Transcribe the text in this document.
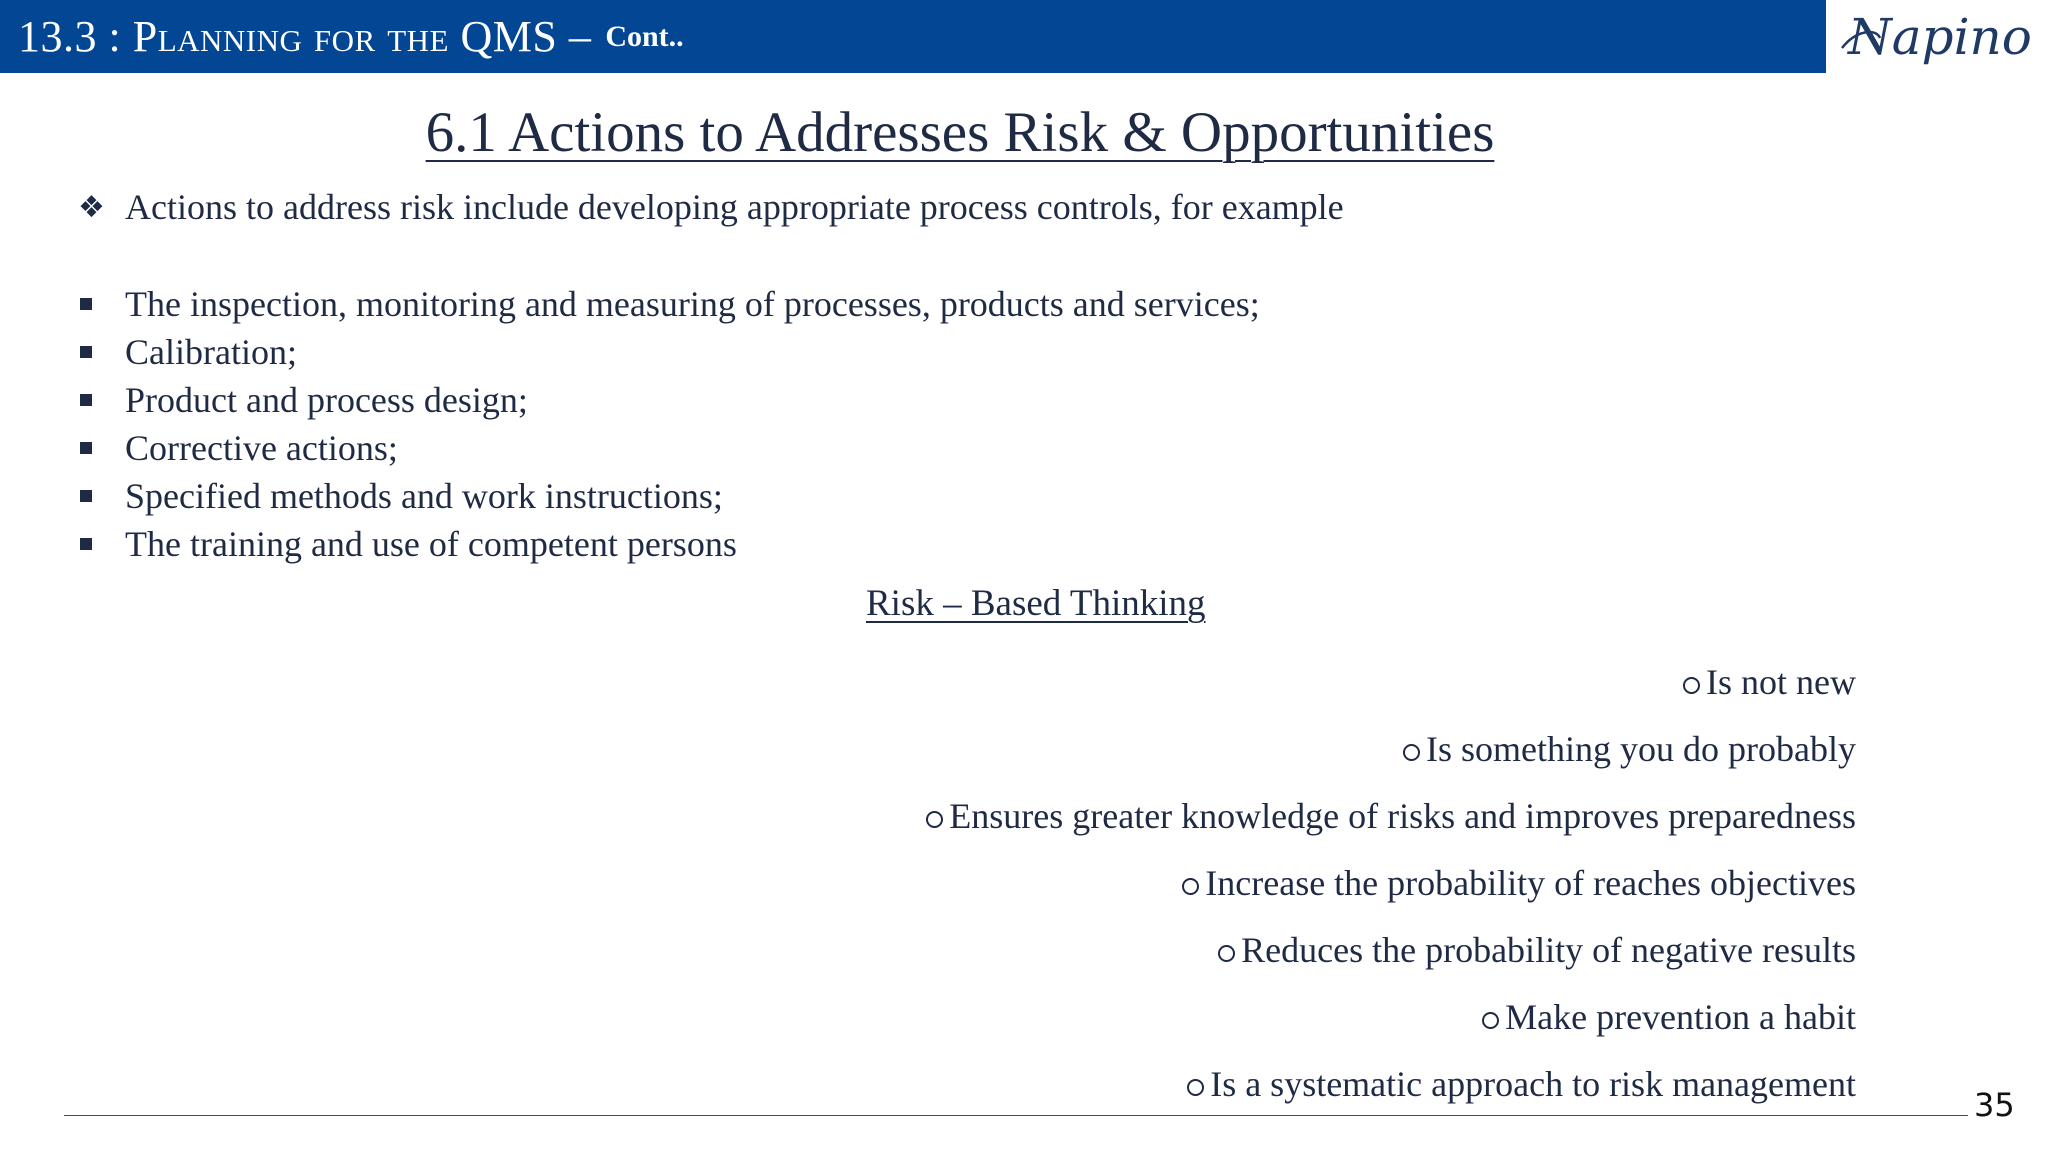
13.3 : Planning for the QMS – Cont..	Napino
6.1 Actions to Addresses Risk & Opportunities
❖ Actions to address risk include developing appropriate process controls, for example
The inspection, monitoring and measuring of processes, products and services;
Calibration;
Product and process design;
Corrective actions;
Specified methods and work instructions;
The training and use of competent persons
Risk – Based Thinking
Is not new
Is something you do probably
Ensures greater knowledge of risks and improves preparedness
Increase the probability of reaches objectives
Reduces the probability of negative results
Make prevention a habit
Is a systematic approach to risk management
35
